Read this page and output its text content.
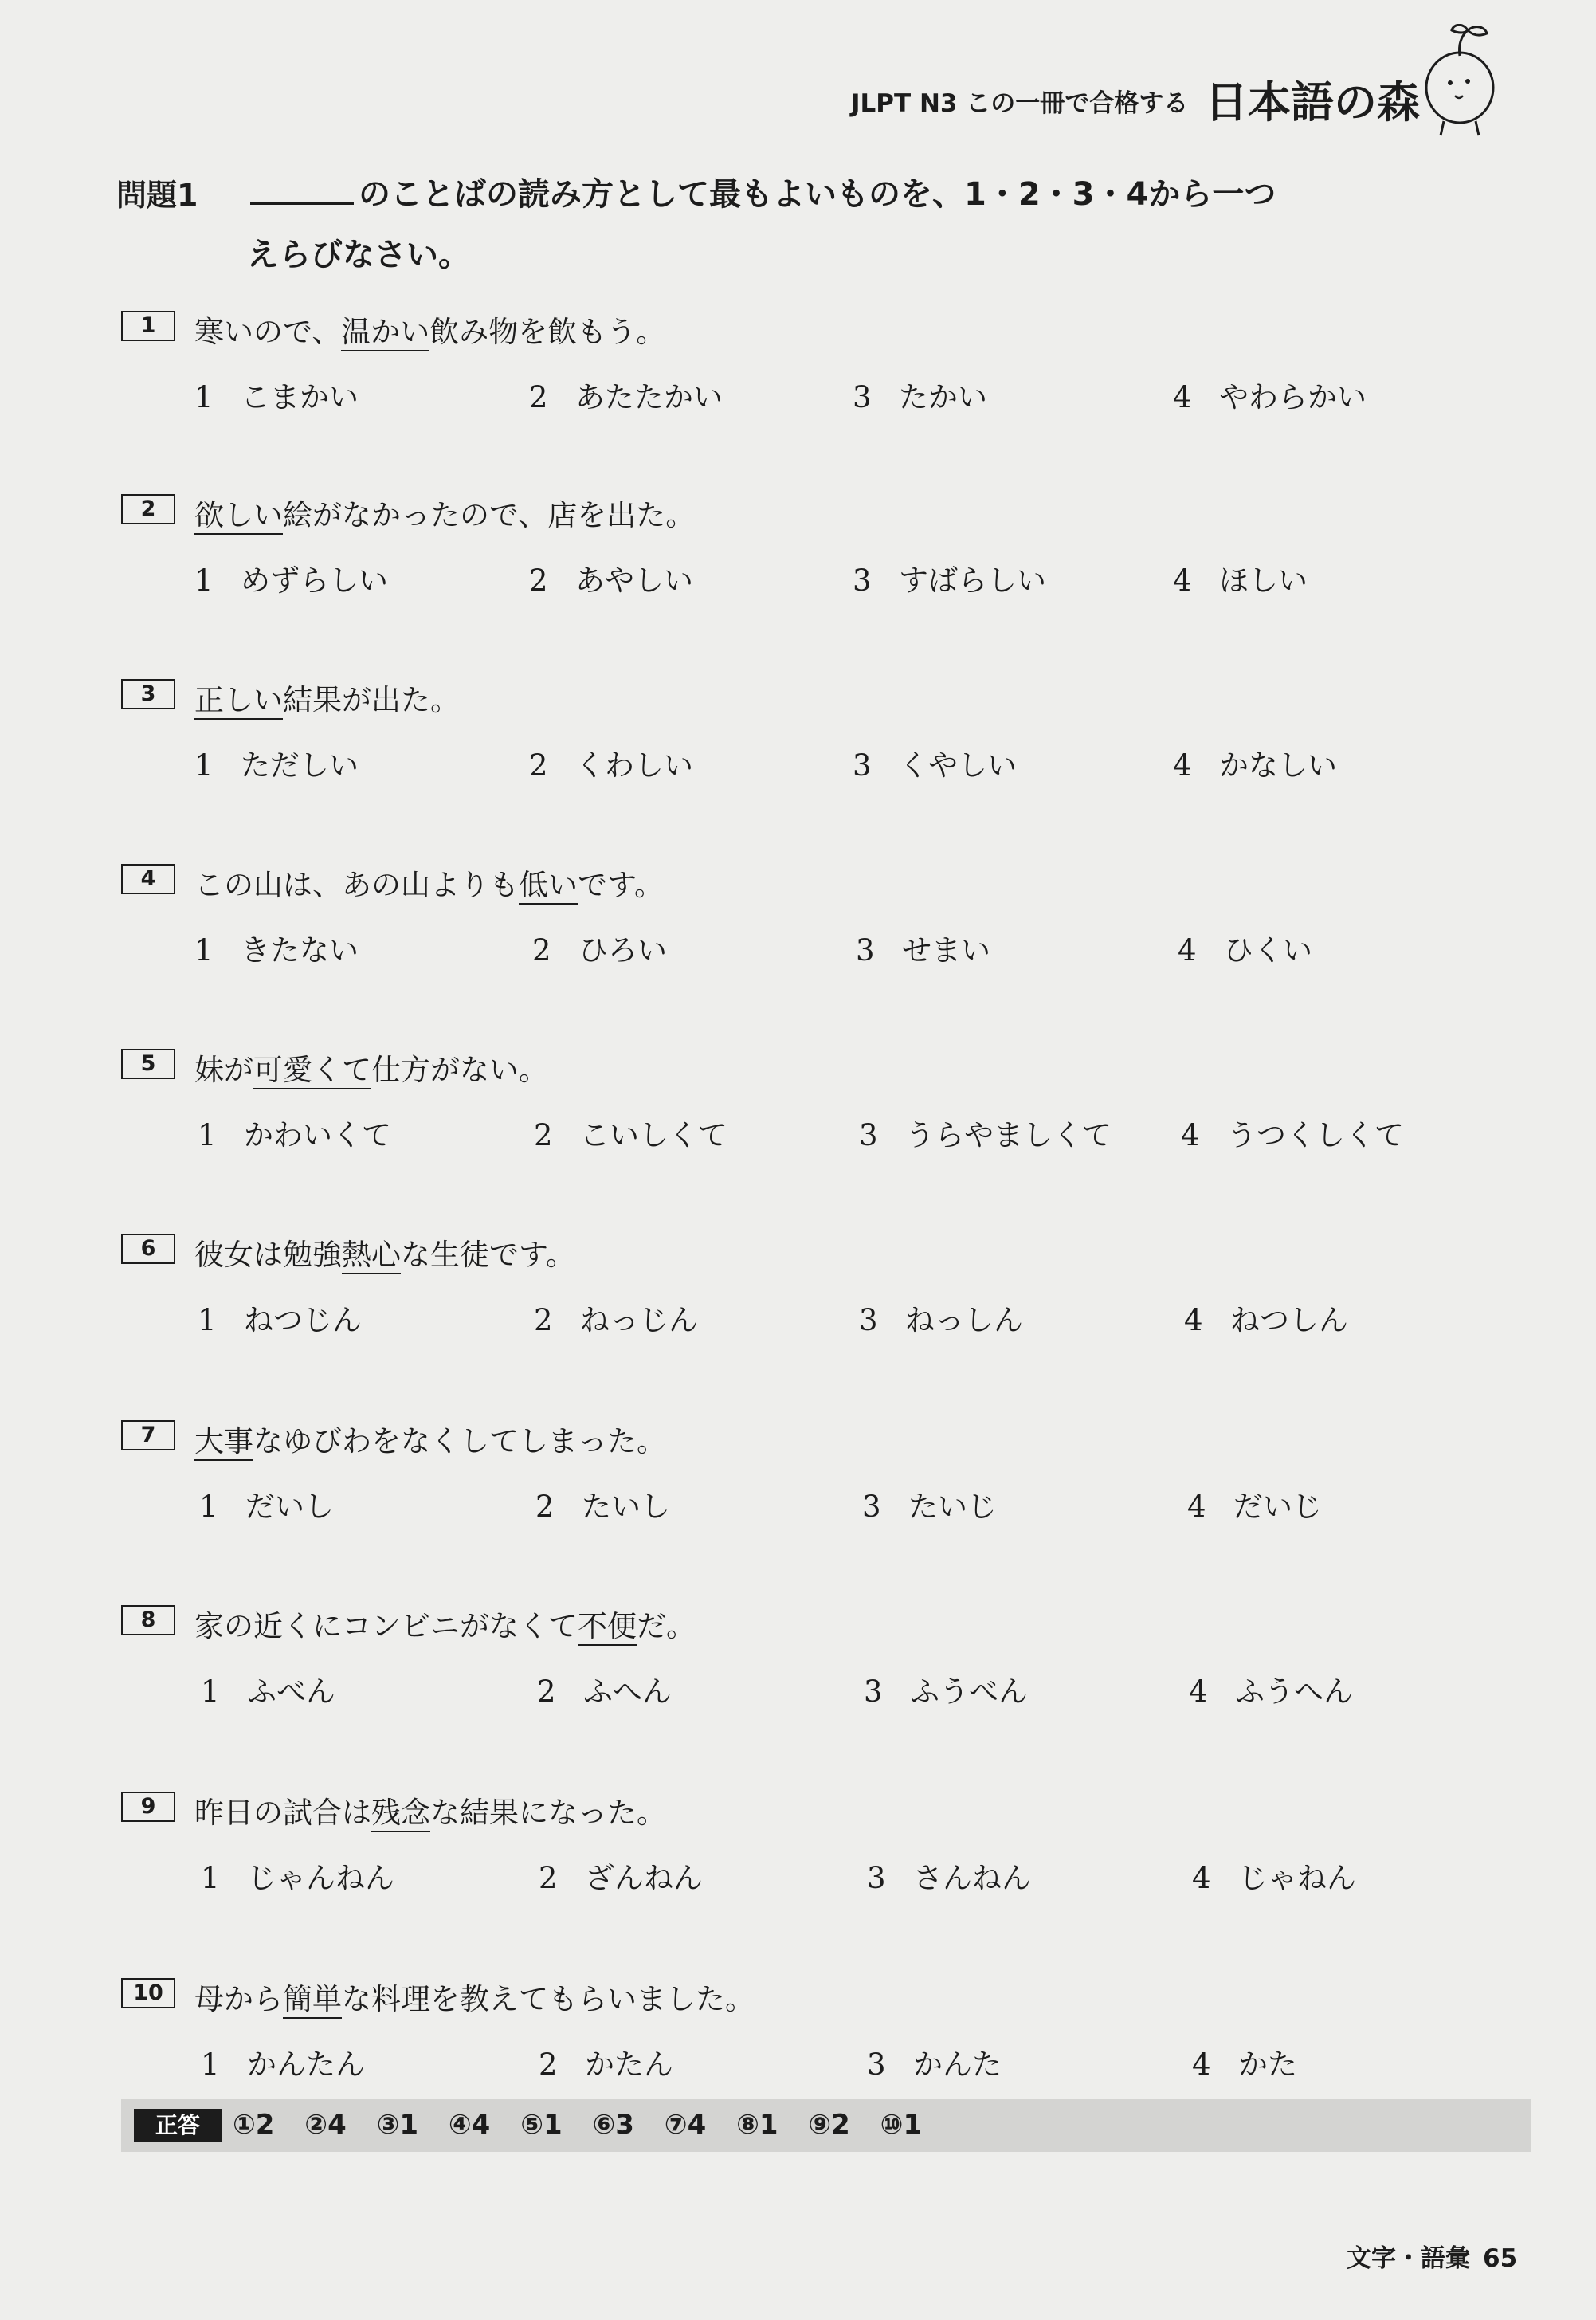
JLPT N3 この一冊で合格する 日本語の森
問題1	のことばの読み方として最もよいものを、1・2・3・4から一つ
えらびなさい。
1	寒いので、温かい飲み物を飲もう。
1 こまかい	2 あたたかい	3 たかい	4 やわらかい
2	欲しい絵がなかったので、店を出た。
1 めずらしい	2 あやしい	3 すばらしい	4 ほしい
3	正しい結果が出た。
1 ただしい	2 くわしい	3 くやしい	4 かなしい
4	この山は、あの山よりも低いです。
1 きたない	2 ひろい	3 せまい	4 ひくい
5	妹が可愛くて仕方がない。
1 かわいくて	2 こいしくて	3 うらやましくて 4 うつくしくて
6	彼女は勉強熱心な生徒です。
1 ねつじん	2 ねっじん	3 ねっしん	4 ねつしん
7	大事なゆびわをなくしてしまった。
1 だいし	2 たいし	3 たいじ	4 だいじ
8	家の近くにコンビニがなくて不便だ。
1 ふべん	2 ふへん	3 ふうべん	4 ふうへん
9	昨日の試合は残念な結果になった。
1 じゃんねん	2 ざんねん	3 さんねん	4 じゃねん
10	母から簡単な料理を教えてもらいました。
1 かんたん	2 かたん	3 かんた	4 かた
正答	①2 ②4 ③1 ④4 ⑤1 ⑥3 ⑦4 ⑧1 ⑨2 ⑩1
文字・語彙 65
